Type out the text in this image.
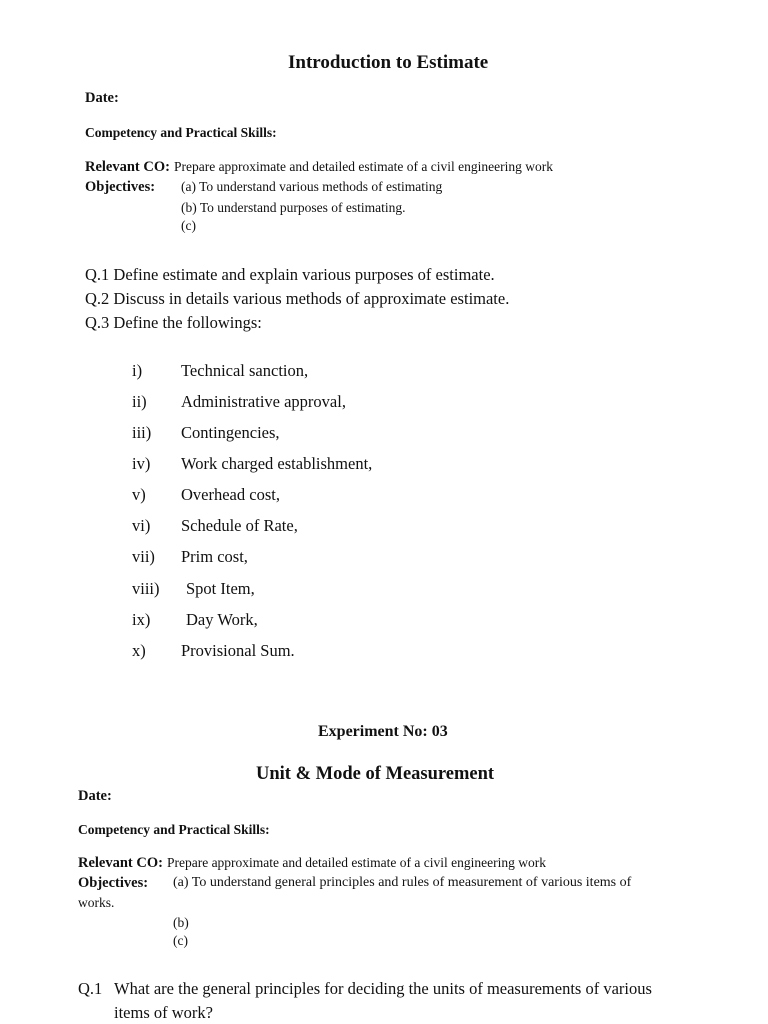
Introduction to Estimate
Date:
Competency and Practical Skills:
Relevant CO: Prepare approximate and detailed estimate of a civil engineering work
Objectives: (a) To understand various methods of estimating
(b) To understand purposes of estimating.
(c)
Q.1 Define estimate and explain various purposes of estimate.
Q.2 Discuss in details various methods of approximate estimate.
Q.3 Define the followings:
i) Technical sanction,
ii) Administrative approval,
iii) Contingencies,
iv) Work charged establishment,
v) Overhead cost,
vi) Schedule of Rate,
vii) Prim cost,
viii) Spot Item,
ix) Day Work,
x) Provisional Sum.
Experiment No: 03
Unit & Mode of Measurement
Date:
Competency and Practical Skills:
Relevant CO: Prepare approximate and detailed estimate of a civil engineering work
Objectives: (a) To understand general principles and rules of measurement of various items of
works.
(b)
(c)
Q.1 What are the general principles for deciding the units of measurements of various
items of work?
